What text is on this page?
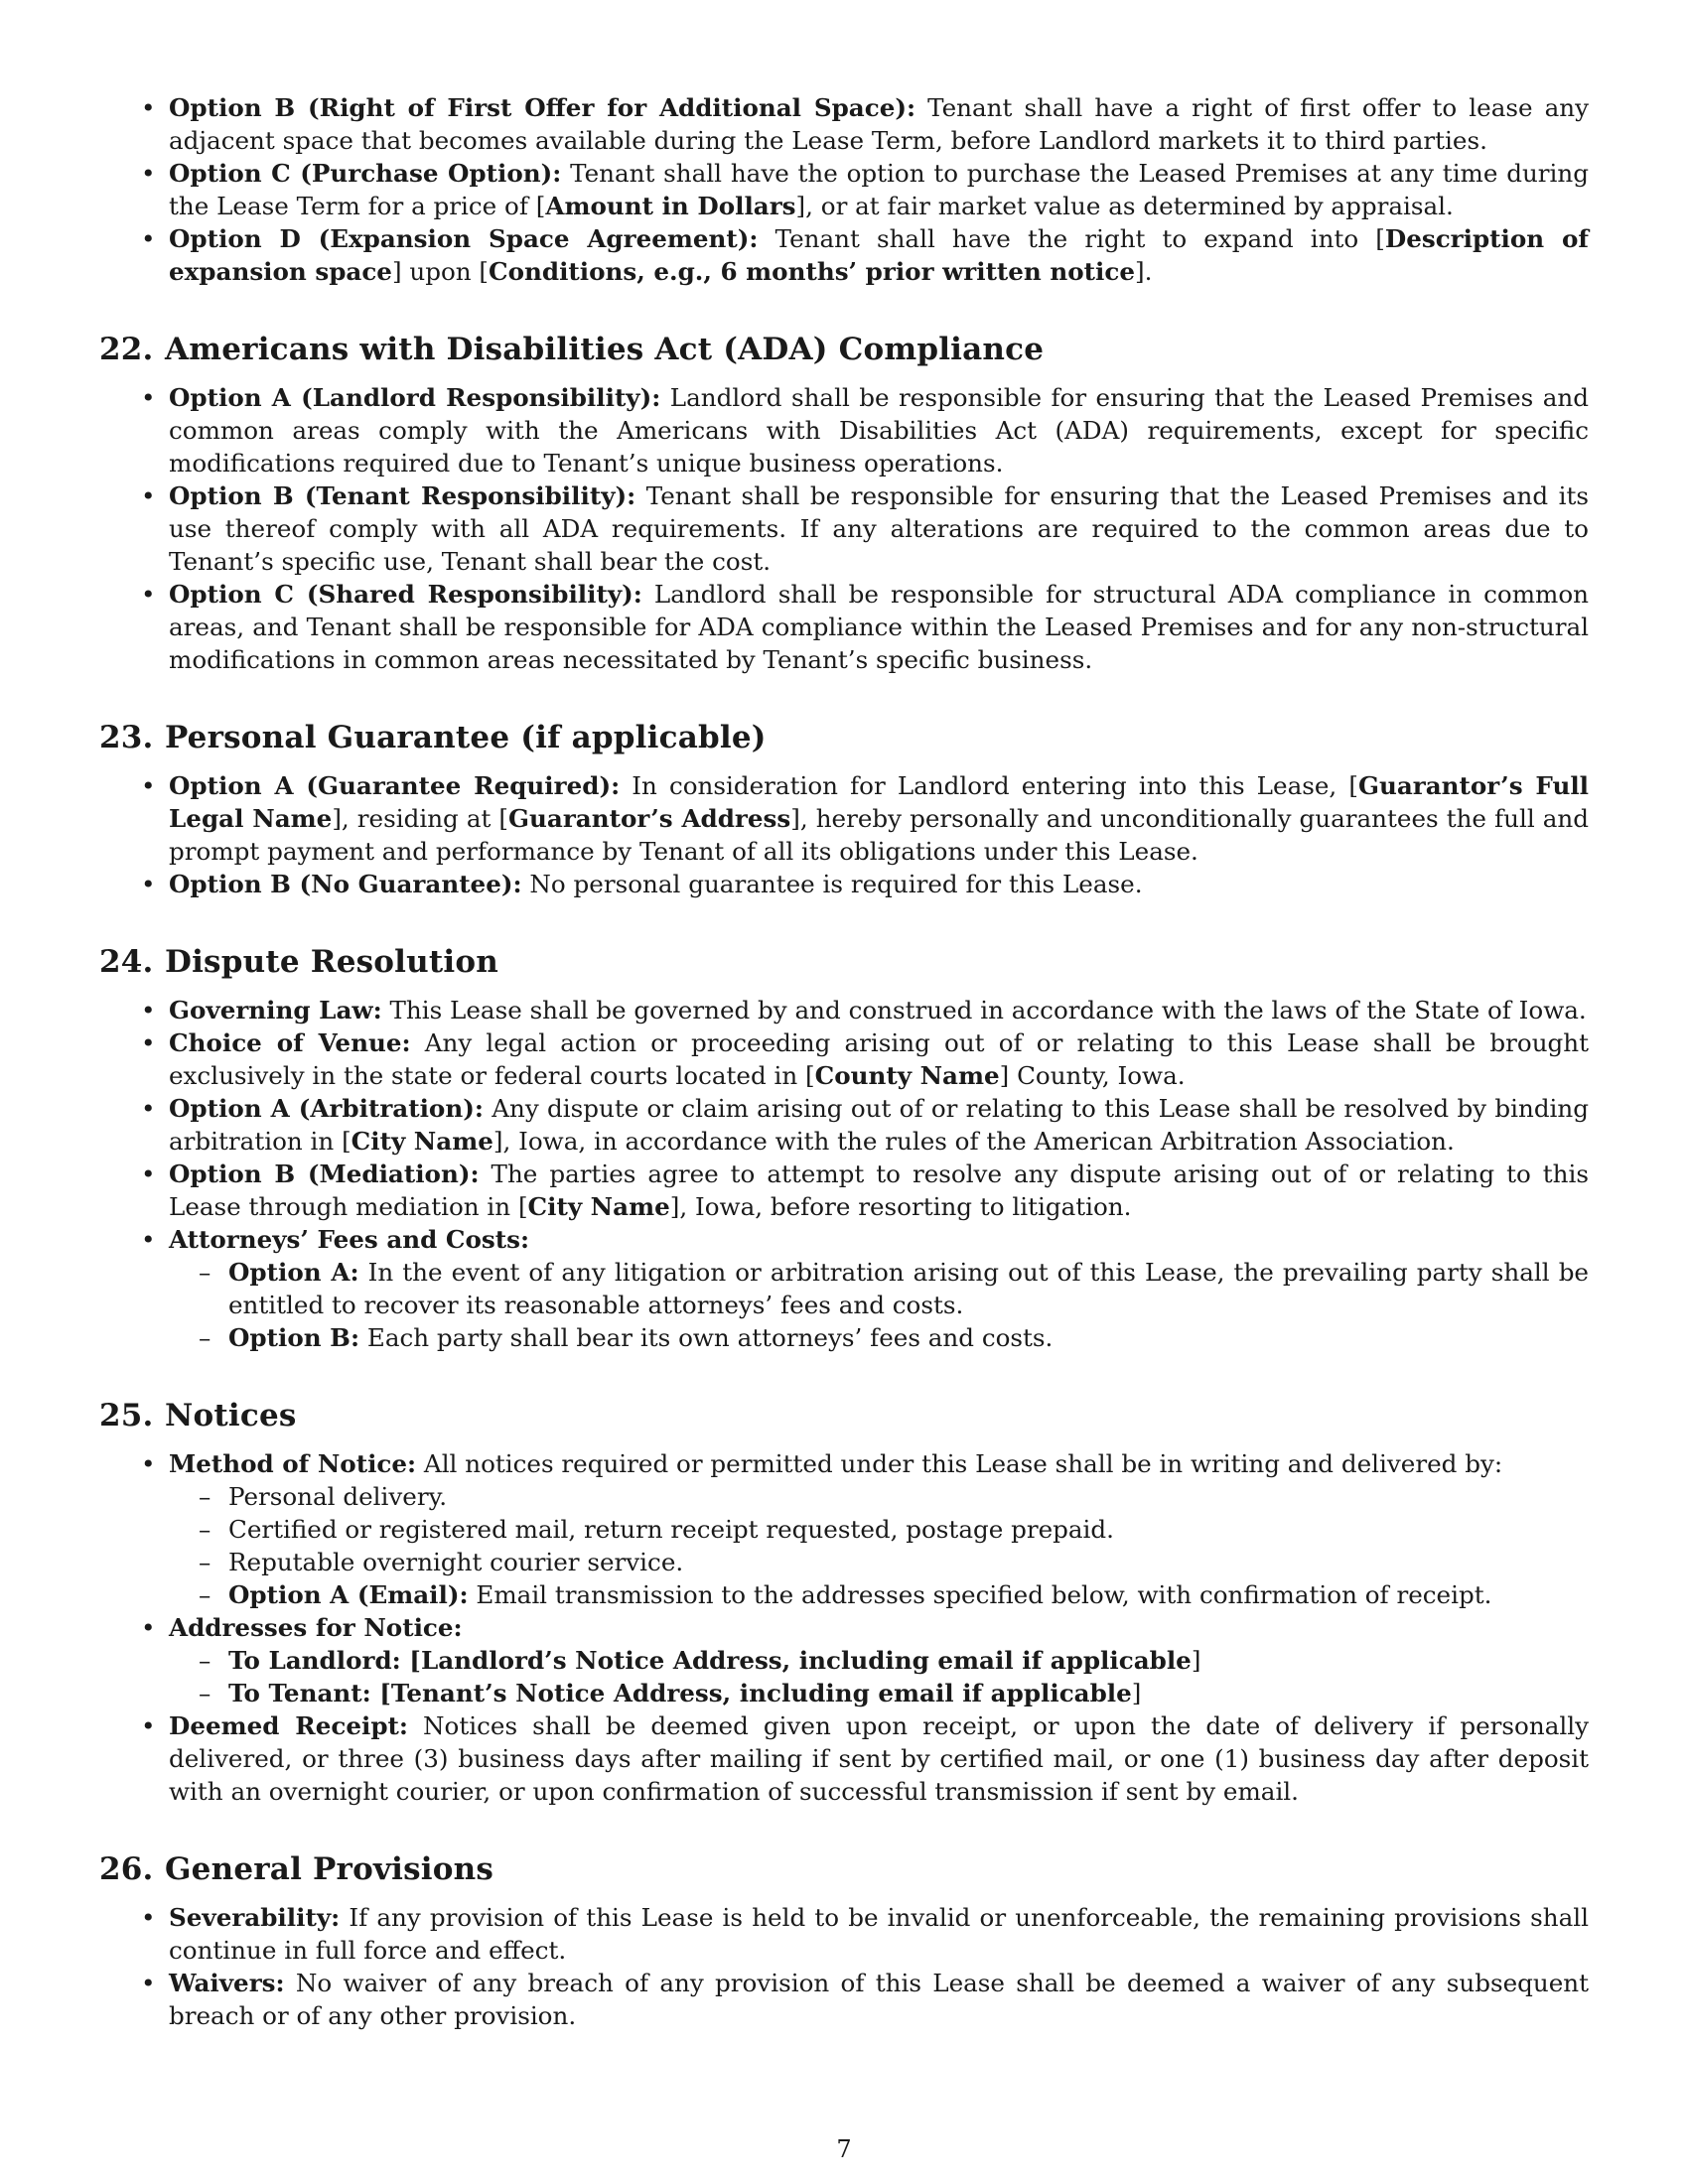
• Option B (Right of First Offer for Additional Space): Tenant shall have a right of first offer to lease any adjacent space that becomes available during the Lease Term, before Landlord markets it to third parties.
• Option C (Purchase Option): Tenant shall have the option to purchase the Leased Premises at any time during the Lease Term for a price of [Amount in Dollars], or at fair market value as determined by appraisal.
• Option D (Expansion Space Agreement): Tenant shall have the right to expand into [Description of expansion space] upon [Conditions, e.g., 6 months’ prior written notice].
22. Americans with Disabilities Act (ADA) Compliance
• Option A (Landlord Responsibility): Landlord shall be responsible for ensuring that the Leased Premises and common areas comply with the Americans with Disabilities Act (ADA) requirements, except for specific modifications required due to Tenant’s unique business operations.
• Option B (Tenant Responsibility): Tenant shall be responsible for ensuring that the Leased Premises and its use thereof comply with all ADA requirements. If any alterations are required to the common areas due to Tenant’s specific use, Tenant shall bear the cost.
• Option C (Shared Responsibility): Landlord shall be responsible for structural ADA compliance in common areas, and Tenant shall be responsible for ADA compliance within the Leased Premises and for any non-structural modifications in common areas necessitated by Tenant’s specific business.
23. Personal Guarantee (if applicable)
• Option A (Guarantee Required): In consideration for Landlord entering into this Lease, [Guarantor’s Full Legal Name], residing at [Guarantor’s Address], hereby personally and unconditionally guarantees the full and prompt payment and performance by Tenant of all its obligations under this Lease.
• Option B (No Guarantee): No personal guarantee is required for this Lease.
24. Dispute Resolution
• Governing Law: This Lease shall be governed by and construed in accordance with the laws of the State of Iowa.
• Choice of Venue: Any legal action or proceeding arising out of or relating to this Lease shall be brought exclusively in the state or federal courts located in [County Name] County, Iowa.
• Option A (Arbitration): Any dispute or claim arising out of or relating to this Lease shall be resolved by binding arbitration in [City Name], Iowa, in accordance with the rules of the American Arbitration Association.
• Option B (Mediation): The parties agree to attempt to resolve any dispute arising out of or relating to this Lease through mediation in [City Name], Iowa, before resorting to litigation.
• Attorneys’ Fees and Costs:
– Option A: In the event of any litigation or arbitration arising out of this Lease, the prevailing party shall be entitled to recover its reasonable attorneys’ fees and costs.
– Option B: Each party shall bear its own attorneys’ fees and costs.
25. Notices
• Method of Notice: All notices required or permitted under this Lease shall be in writing and delivered by:
– Personal delivery.
– Certified or registered mail, return receipt requested, postage prepaid.
– Reputable overnight courier service.
– Option A (Email): Email transmission to the addresses specified below, with confirmation of receipt.
• Addresses for Notice:
– To Landlord: [Landlord’s Notice Address, including email if applicable]
– To Tenant: [Tenant’s Notice Address, including email if applicable]
• Deemed Receipt: Notices shall be deemed given upon receipt, or upon the date of delivery if personally delivered, or three (3) business days after mailing if sent by certified mail, or one (1) business day after deposit with an overnight courier, or upon confirmation of successful transmission if sent by email.
26. General Provisions
• Severability: If any provision of this Lease is held to be invalid or unenforceable, the remaining provisions shall continue in full force and effect.
• Waivers: No waiver of any breach of any provision of this Lease shall be deemed a waiver of any subsequent breach or of any other provision.
7
